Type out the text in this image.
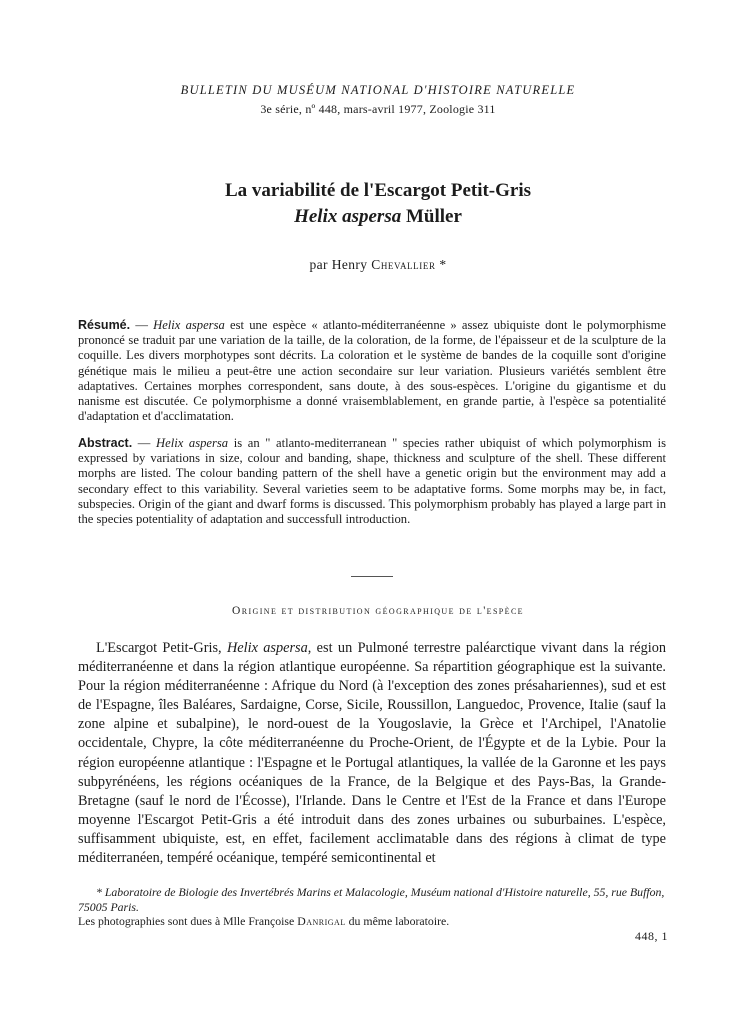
BULLETIN DU MUSÉUM NATIONAL D'HISTOIRE NATURELLE
3e série, nº 448, mars-avril 1977, Zoologie 311
La variabilité de l'Escargot Petit-Gris
Helix aspersa Müller
par Henry Chevallier *
Résumé. — Helix aspersa est une espèce « atlanto-méditerranéenne » assez ubiquiste dont le polymorphisme prononcé se traduit par une variation de la taille, de la coloration, de la forme, de l'épaisseur et de la sculpture de la coquille. Les divers morphotypes sont décrits. La coloration et le système de bandes de la coquille sont d'origine génétique mais le milieu a peut-être une action secondaire sur leur variation. Plusieurs variétés semblent être adaptatives. Certaines morphes correspondent, sans doute, à des sous-espèces. L'origine du gigantisme et du nanisme est discutée. Ce polymorphisme a donné vraisemblablement, en grande partie, à l'espèce sa potentialité d'adaptation et d'acclimatation.
Abstract. — Helix aspersa is an " atlanto-mediterranean " species rather ubiquist of which polymorphism is expressed by variations in size, colour and banding, shape, thickness and sculpture of the shell. These different morphs are listed. The colour banding pattern of the shell have a genetic origin but the environment may add a secondary effect to this variability. Several varieties seem to be adaptative forms. Some morphs may be, in fact, subspecies. Origin of the giant and dwarf forms is discussed. This polymorphism probably has played a large part in the species potentiality of adaptation and successfull introduction.
Origine et distribution géographique de l'espèce
L'Escargot Petit-Gris, Helix aspersa, est un Pulmoné terrestre paléarctique vivant dans la région méditerranéenne et dans la région atlantique européenne. Sa répartition géographique est la suivante. Pour la région méditerranéenne : Afrique du Nord (à l'exception des zones présahariennes), sud et est de l'Espagne, îles Baléares, Sardaigne, Corse, Sicile, Roussillon, Languedoc, Provence, Italie (sauf la zone alpine et subalpine), le nord-ouest de la Yougoslavie, la Grèce et l'Archipel, l'Anatolie occidentale, Chypre, la côte méditerranéenne du Proche-Orient, de l'Égypte et de la Lybie. Pour la région européenne atlantique : l'Espagne et le Portugal atlantiques, la vallée de la Garonne et les pays subpyrénéens, les régions océaniques de la France, de la Belgique et des Pays-Bas, la Grande-Bretagne (sauf le nord de l'Écosse), l'Irlande. Dans le Centre et l'Est de la France et dans l'Europe moyenne l'Escargot Petit-Gris a été introduit dans des zones urbaines ou suburbaines. L'espèce, suffisamment ubiquiste, est, en effet, facilement acclimatable dans des régions à climat de type méditerranéen, tempéré océanique, tempéré semicontinental et
* Laboratoire de Biologie des Invertébrés Marins et Malacologie, Muséum national d'Histoire naturelle, 55, rue Buffon, 75005 Paris.
Les photographies sont dues à Mlle Françoise Danrigal du même laboratoire.
448, 1
